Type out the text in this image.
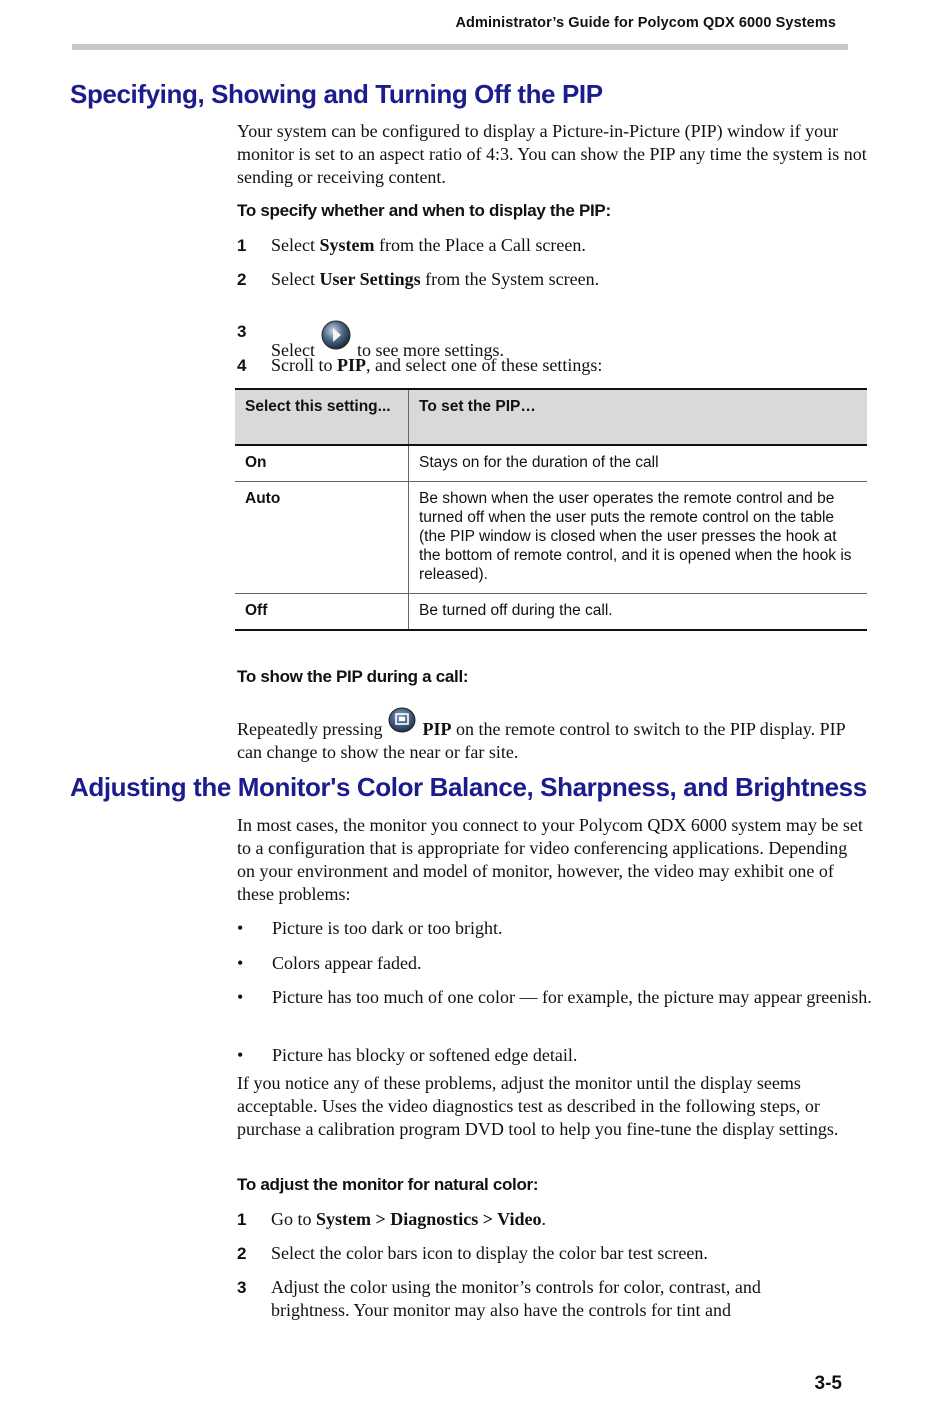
Administrator’s Guide for Polycom QDX 6000 Systems
Specifying, Showing and Turning Off the PIP
Your system can be configured to display a Picture-in-Picture (PIP) window if your monitor is set to an aspect ratio of 4:3. You can show the PIP any time the system is not sending or receiving content.
To specify whether and when to display the PIP:
1 Select System from the Place a Call screen.
2 Select User Settings from the System screen.
3
Select to see more settings.
4 Scroll to PIP, and select one of these settings:
Select this setting...	To set the PIP…
On	Stays on for the duration of the call
Auto	Be shown when the user operates the remote control and be turned off when the user puts the remote control on the table (the PIP window is closed when the user presses the hook at the bottom of remote control, and it is opened when the hook is released).
Off	Be turned off during the call.
To show the PIP during a call:
Repeatedly pressing PIP on the remote control to switch to the PIP display. PIP can change to show the near or far site.
Adjusting the Monitor's Color Balance, Sharpness, and Brightness
In most cases, the monitor you connect to your Polycom QDX 6000 system may be set to a configuration that is appropriate for video conferencing applications. Depending on your environment and model of monitor, however, the video may exhibit one of these problems:
• Picture is too dark or too bright.
• Colors appear faded.
• Picture has too much of one color — for example, the picture may appear greenish.
• Picture has blocky or softened edge detail.
If you notice any of these problems, adjust the monitor until the display seems acceptable. Uses the video diagnostics test as described in the following steps, or purchase a calibration program DVD tool to help you fine-tune the display settings.
To adjust the monitor for natural color:
1 Go to System > Diagnostics > Video.
2 Select the color bars icon to display the color bar test screen.
3 Adjust the color using the monitor’s controls for color, contrast, and brightness. Your monitor may also have the controls for tint and
3-5
